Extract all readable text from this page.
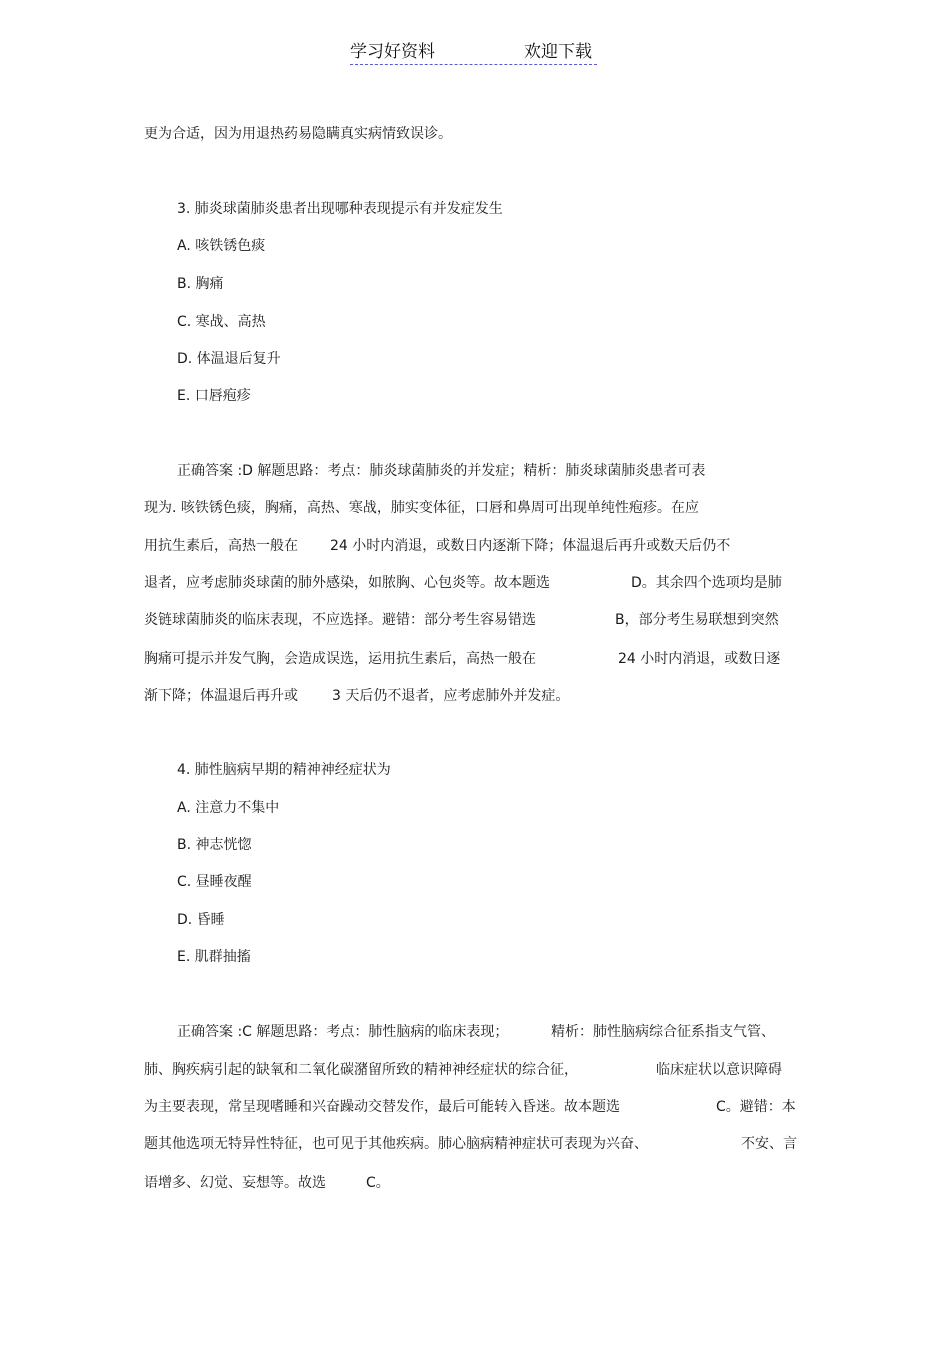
学习好资料	欢迎下载
更为合适，因为用退热药易隐瞒真实病情致误诊。
3. 肺炎球菌肺炎患者出现哪种表现提示有并发症发生
A. 咳铁锈色痰
B. 胸痛
C. 寒战、高热
D. 体温退后复升
E. 口唇疱疹
正确答案 :D 解题思路：考点：肺炎球菌肺炎的并发症；精析：肺炎球菌肺炎患者可表
现为. 咳铁锈色痰，胸痛，高热、寒战，肺实变体征，口唇和鼻周可出现单纯性疱疹。在应
用抗生素后，高热一般在 24 小时内消退，或数日内逐渐下降；体温退后再升或数天后仍不
退者，应考虑肺炎球菌的肺外感染，如脓胸、心包炎等。故本题选	D。其余四个选项均是肺
炎链球菌肺炎的临床表现，不应选择。避错：部分考生容易错选	B，部分考生易联想到突然
胸痛可提示并发气胸，会造成误选，运用抗生素后，高热一般在	24 小时内消退，或数日逐
渐下降；体温退后再升或 3 天后仍不退者，应考虑肺外并发症。
4. 肺性脑病早期的精神神经症状为
A. 注意力不集中
B. 神志恍惚
C. 昼睡夜醒
D. 昏睡
E. 肌群抽搐
正确答案 :C 解题思路：考点：肺性脑病的临床表现；	精析：肺性脑病综合征系指支气管、
肺、胸疾病引起的缺氧和二氧化碳潴留所致的精神神经症状的综合征，	临床症状以意识障碍
为主要表现，常呈现嗜睡和兴奋躁动交替发作，最后可能转入昏迷。故本题选	C。避错：本
题其他选项无特异性特征，也可见于其他疾病。肺心脑病精神症状可表现为兴奋、	不安、言
语增多、幻觉、妄想等。故选	C。
